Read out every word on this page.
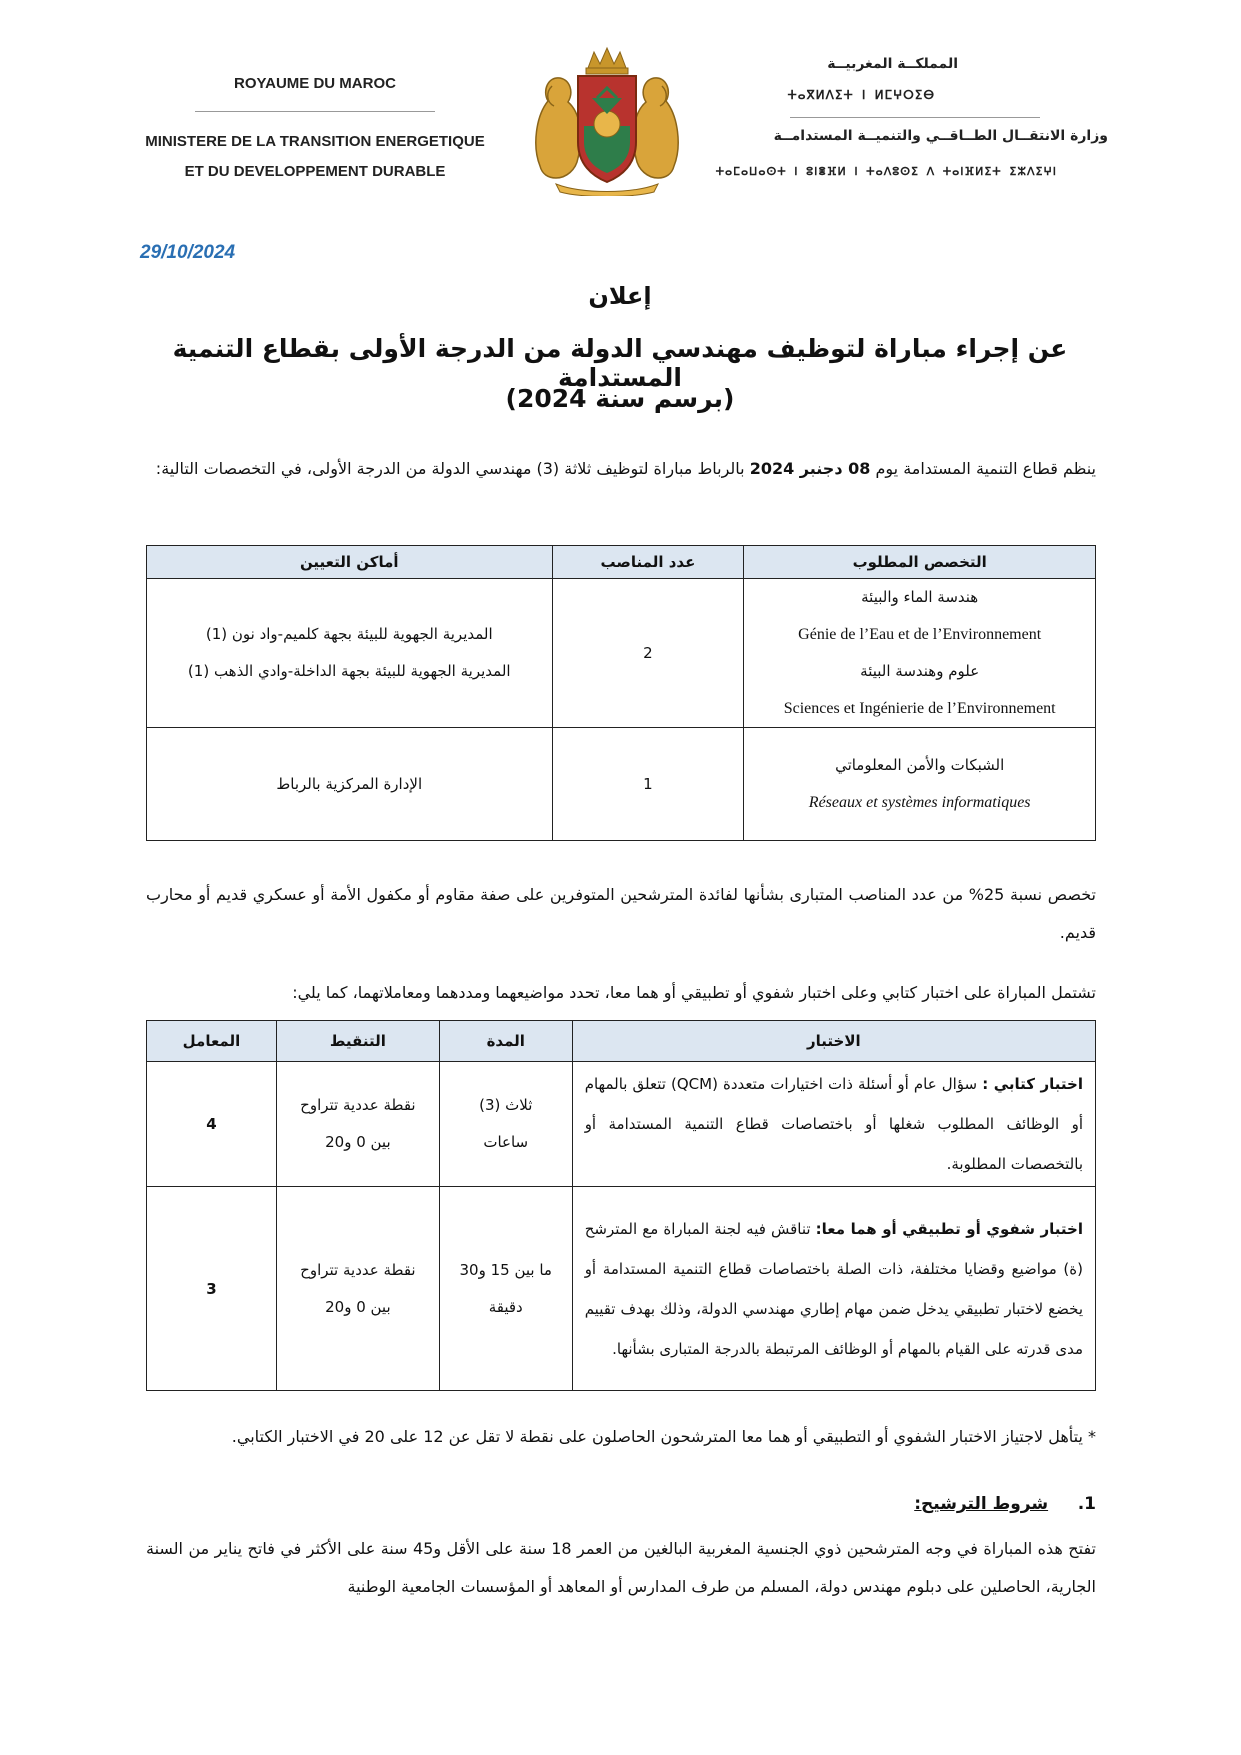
ROYAUME DU MAROC
MINISTERE DE LA TRANSITION ENERGETIQUE
ET DU DEVELOPPEMENT DURABLE
المملكــة المغربيــة
ⵜⴰⴳⵍⴷⵉⵜ ⵏ ⵍⵎⵖⵔⵉⴱ
وزارة الانتقــال الطــاقــي والتنميــة المستدامــة
ⵜⴰⵎⴰⵡⴰⵙⵜ ⵏ ⵓⵏⴻⴼⵍ ⵏ ⵜⴰⴷⵓⵙⵉ ⴷ ⵜⴰⵏⴼⵍⵉⵜ ⵉⵣⴷⵉⵖⵏ
29/10/2024
إعلان
عن إجراء مباراة لتوظيف مهندسي الدولة من الدرجة الأولى بقطاع التنمية المستدامة
(برسم سنة 2024)
ينظم قطاع التنمية المستدامة يوم 08 دجنبر 2024 بالرباط مباراة لتوظيف ثلاثة (3) مهندسي الدولة من الدرجة الأولى، في التخصصات التالية:
التخصص المطلوب	عدد المناصب	أماكن التعيين

هندسة الماء والبيئة
Génie de l’Eau et de l’Environnement
علوم وهندسة البيئة
Sciences et Ingénierie de l’Environnement	2	المديرية الجهوية للبيئة بجهة كلميم-واد نون (1)
المديرية الجهوية للبيئة بجهة الداخلة-وادي الذهب (1)

الشبكات والأمن المعلوماتي
Réseaux et systèmes informatiques	1	الإدارة المركزية بالرباط
تخصص نسبة 25% من عدد المناصب المتبارى بشأنها لفائدة المترشحين المتوفرين على صفة مقاوم أو مكفول الأمة أو عسكري قديم أو محارب قديم.
تشتمل المباراة على اختبار كتابي وعلى اختبار شفوي أو تطبيقي أو هما معا، تحدد مواضيعهما ومددهما ومعاملاتهما، كما يلي:
الاختبار	المدة	التنقيط	المعامل
اختبار كتابي : سؤال عام أو أسئلة ذات اختيارات متعددة (QCM) تتعلق بالمهام أو الوظائف المطلوب شغلها أو باختصاصات قطاع التنمية المستدامة أو بالتخصصات المطلوبة.	ثلاث (3)
ساعات	نقطة عددية تتراوح
بين 0 و20	4
اختبار شفوي أو تطبيقي أو هما معا: تناقش فيه لجنة المباراة مع المترشح (ة) مواضيع وقضايا مختلفة، ذات الصلة باختصاصات قطاع التنمية المستدامة أو يخضع لاختبار تطبيقي يدخل ضمن مهام إطاري مهندسي الدولة، وذلك بهدف تقييم مدى قدرته على القيام بالمهام أو الوظائف المرتبطة بالدرجة المتبارى بشأنها.	ما بين 15 و30
دقيقة	نقطة عددية تتراوح
بين 0 و20	3
* يتأهل لاجتياز الاختبار الشفوي أو التطبيقي أو هما معا المترشحون الحاصلون على نقطة لا تقل عن 12 على 20 في الاختبار الكتابي.
1.     شروط الترشيح:
تفتح هذه المباراة في وجه المترشحين ذوي الجنسية المغربية البالغين من العمر 18 سنة على الأقل و45 سنة على الأكثر في فاتح يناير من السنة الجارية، الحاصلين على دبلوم مهندس دولة، المسلم من طرف المدارس أو المعاهد أو المؤسسات الجامعية الوطنية
